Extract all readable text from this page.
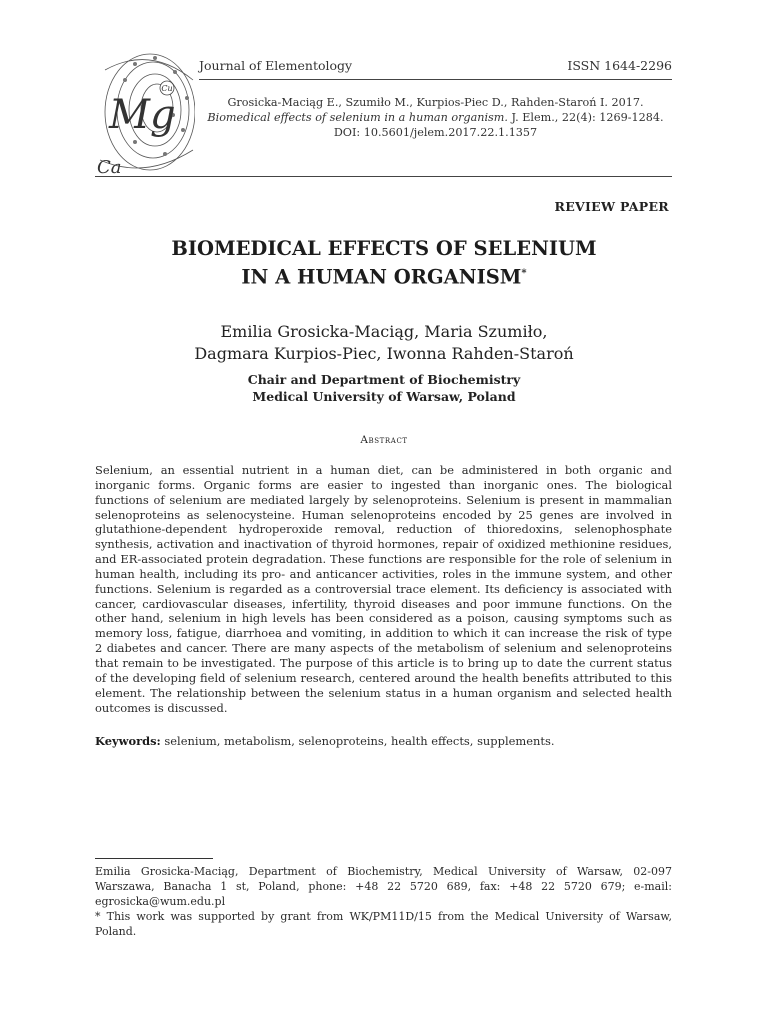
Cu
Mg
Ca
Journal of Elementology	ISSN 1644-2296
Grosicka-Maciąg E., Szumiło M., Kurpios-Piec D., Rahden-Staroń I. 2017.
Biomedical effects of selenium in a human organism. J. Elem., 22(4): 1269-1284.
DOI: 10.5601/jelem.2017.22.1.1357
REVIEW PAPER
BIOMEDICAL EFFECTS OF SELENIUM
IN A HUMAN ORGANISM*
Emilia Grosicka-Maciąg, Maria Szumiło,
Dagmara Kurpios-Piec, Iwonna Rahden-Staroń
Chair and Department of Biochemistry
Medical University of Warsaw, Poland
Abstract
Selenium, an essential nutrient in a human diet, can be administered in both organic and inorganic forms. Organic forms are easier to ingested than inorganic ones. The biological functions of selenium are mediated largely by selenoproteins. Selenium is present in mammalian selenoproteins as selenocysteine. Human selenoproteins encoded by 25 genes are involved in glutathione-dependent hydroperoxide removal, reduction of thioredoxins, selenophosphate synthesis, activation and inactivation of thyroid hormones, repair of oxidized methionine residues, and ER-associated protein degradation. These functions are responsible for the role of selenium in human health, including its pro- and anticancer activities, roles in the immune system, and other functions. Selenium is regarded as a controversial trace element. Its deficiency is associated with cancer, cardiovascular diseases, infertility, thyroid diseases and poor immune functions. On the other hand, selenium in high levels has been considered as a poison, causing symptoms such as memory loss, fatigue, diarrhoea and vomiting, in addition to which it can increase the risk of type 2 diabetes and cancer. There are many aspects of the metabolism of selenium and selenoproteins that remain to be investigated. The purpose of this article is to bring up to date the current status of the developing field of selenium research, centered around the health benefits attributed to this element. The relationship between the selenium status in a human organism and selected health outcomes is discussed.
Keywords: selenium, metabolism, selenoproteins, health effects, supplements.

Emilia Grosicka-Maciąg, Department of Biochemistry, Medical University of Warsaw, 02-097 Warszawa, Banacha 1 st, Poland, phone: +48 22 5720 689, fax: +48 22 5720 679; e-mail: egrosicka@wum.edu.pl

* This work was supported by grant from WK/PM11D/15 from the Medical University of Warsaw, Poland.
